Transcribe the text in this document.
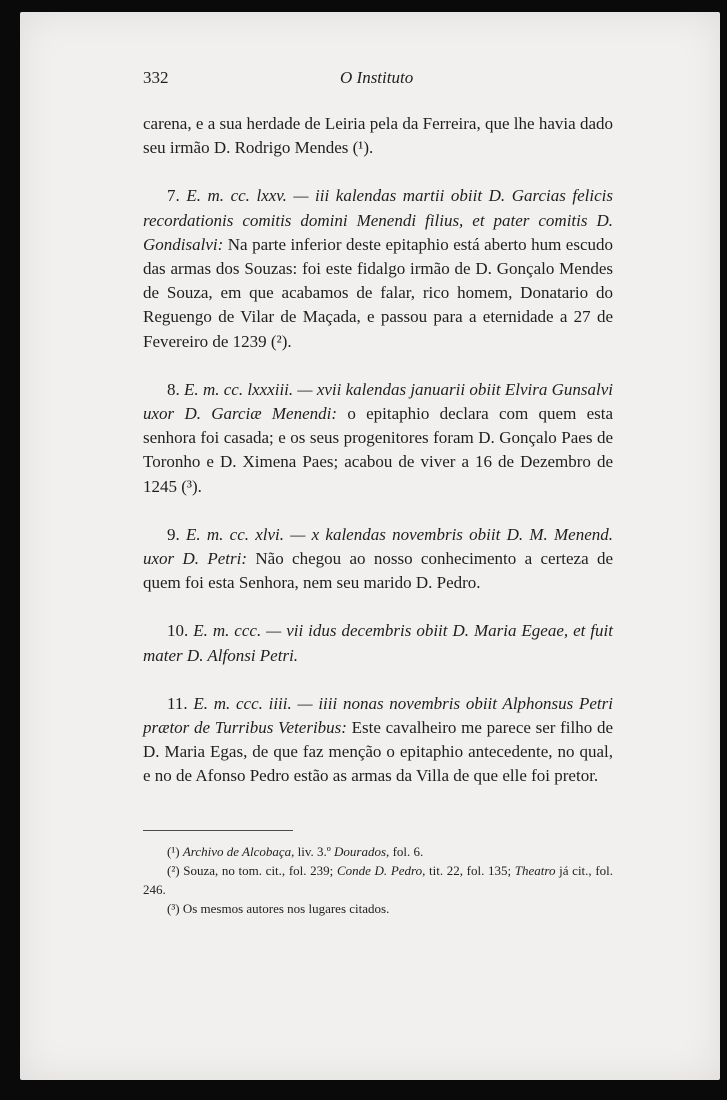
332	O Instituto

carena, e a sua herdade de Leiria pela da Ferreira, que lhe havia dado seu irmão D. Rodrigo Mendes (¹).

7. E. m. cc. lxxv. — iii kalendas martii obiit D. Garcias felicis recordationis comitis domini Menendi filius, et pater comitis D. Gondisalvi: Na parte inferior deste epitaphio está aberto hum escudo das armas dos Souzas: foi este fidalgo irmão de D. Gonçalo Mendes de Souza, em que acabamos de falar, rico homem, Donatario do Reguengo de Vilar de Maçada, e passou para a eternidade a 27 de Fevereiro de 1239 (²).

8. E. m. cc. lxxxiii. — xvii kalendas januarii obiit Elvira Gunsalvi uxor D. Garciæ Menendi: o epitaphio declara com quem esta senhora foi casada; e os seus progenitores foram D. Gonçalo Paes de Toronho e D. Ximena Paes; acabou de viver a 16 de Dezembro de 1245 (³).

9. E. m. cc. xlvi. — x kalendas novembris obiit D. M. Menend. uxor D. Petri: Não chegou ao nosso conhecimento a certeza de quem foi esta Senhora, nem seu marido D. Pedro.

10. E. m. ccc. — vii idus decembris obiit D. Maria Egeae, et fuit mater D. Alfonsi Petri.

11. E. m. ccc. iiii. — iiii nonas novembris obiit Alphonsus Petri prætor de Turribus Veteribus: Este cavalheiro me parece ser filho de D. Maria Egas, de que faz menção o epitaphio antecedente, no qual, e no de Afonso Pedro estão as armas da Villa de que elle foi pretor.

(¹) Archivo de Alcobaça, liv. 3.º Dourados, fol. 6.

(²) Souza, no tom. cit., fol. 239; Conde D. Pedro, tit. 22, fol. 135; Theatro já cit., fol. 246.

(³) Os mesmos autores nos lugares citados.
